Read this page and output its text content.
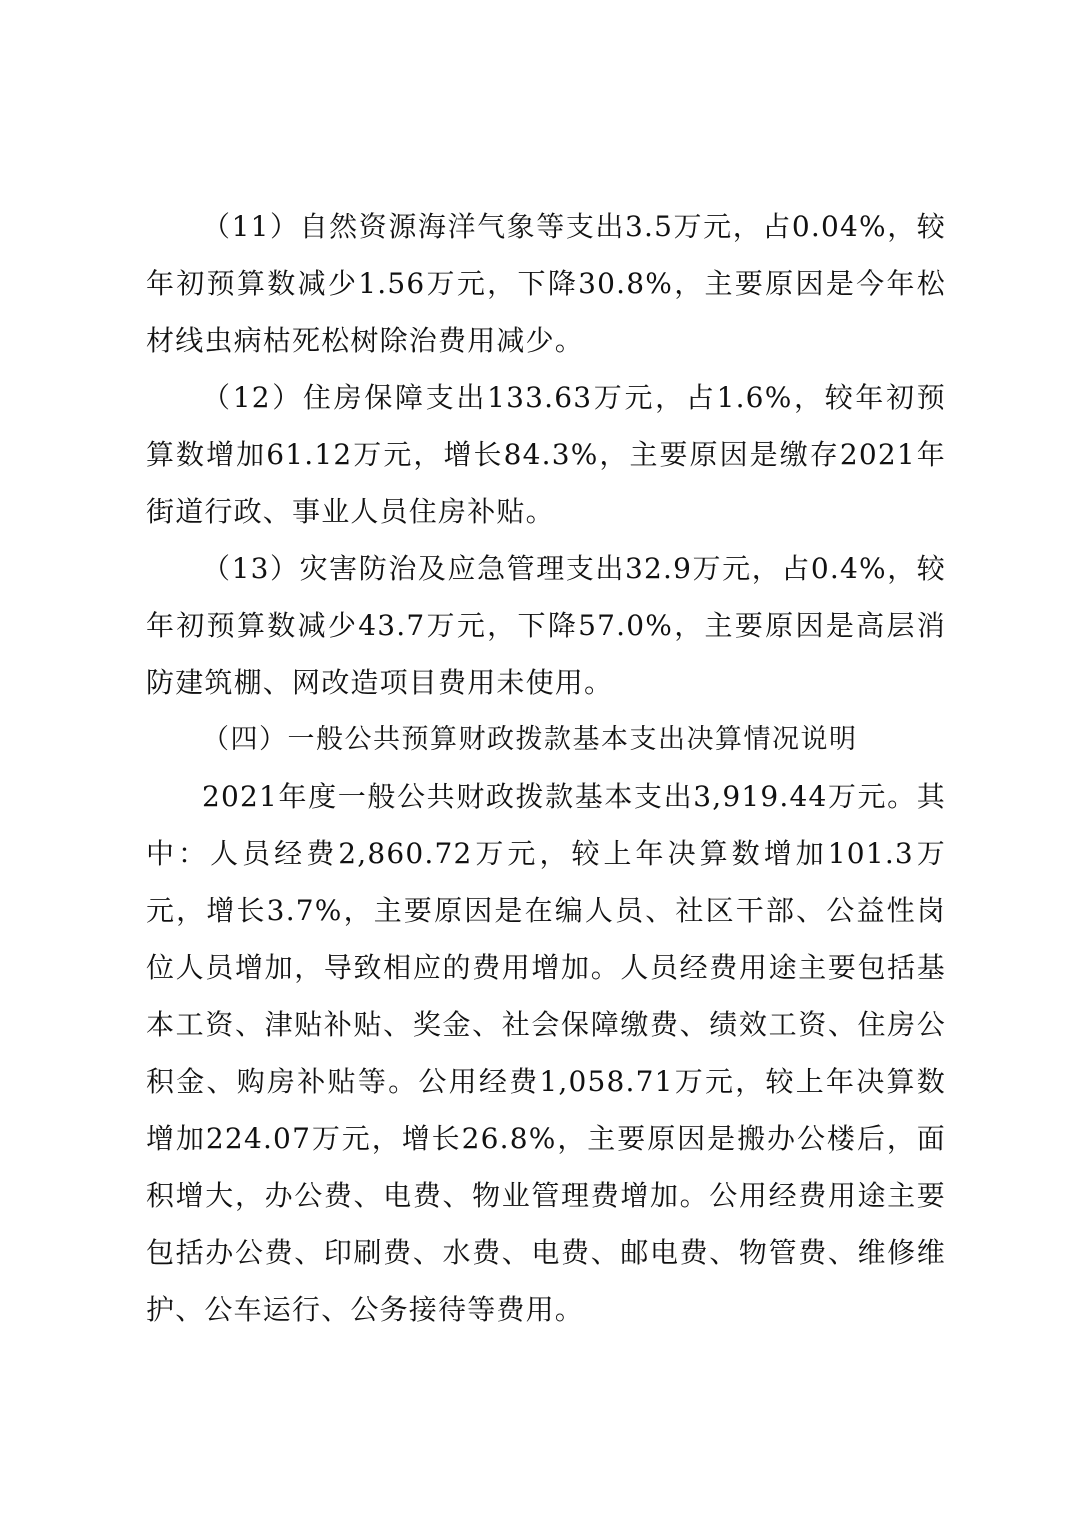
（11）自然资源海洋气象等支出3.5万元，占0.04%，较年初预算数减少1.56万元，下降30.8%，主要原因是今年松材线虫病枯死松树除治费用减少。

（12）住房保障支出133.63万元，占1.6%，较年初预算数增加61.12万元，增长84.3%，主要原因是缴存2021年街道行政、事业人员住房补贴。

（13）灾害防治及应急管理支出32.9万元，占0.4%，较年初预算数减少43.7万元，下降57.0%，主要原因是高层消防建筑棚、网改造项目费用未使用。

（四）一般公共预算财政拨款基本支出决算情况说明

2021年度一般公共财政拨款基本支出3,919.44万元。其中：人员经费2,860.72万元，较上年决算数增加101.3万元，增长3.7%，主要原因是在编人员、社区干部、公益性岗位人员增加，导致相应的费用增加。人员经费用途主要包括基本工资、津贴补贴、奖金、社会保障缴费、绩效工资、住房公积金、购房补贴等。公用经费1,058.71万元，较上年决算数增加224.07万元，增长26.8%，主要原因是搬办公楼后，面积增大，办公费、电费、物业管理费增加。公用经费用途主要包括办公费、印刷费、水费、电费、邮电费、物管费、维修维护、公车运行、公务接待等费用。
